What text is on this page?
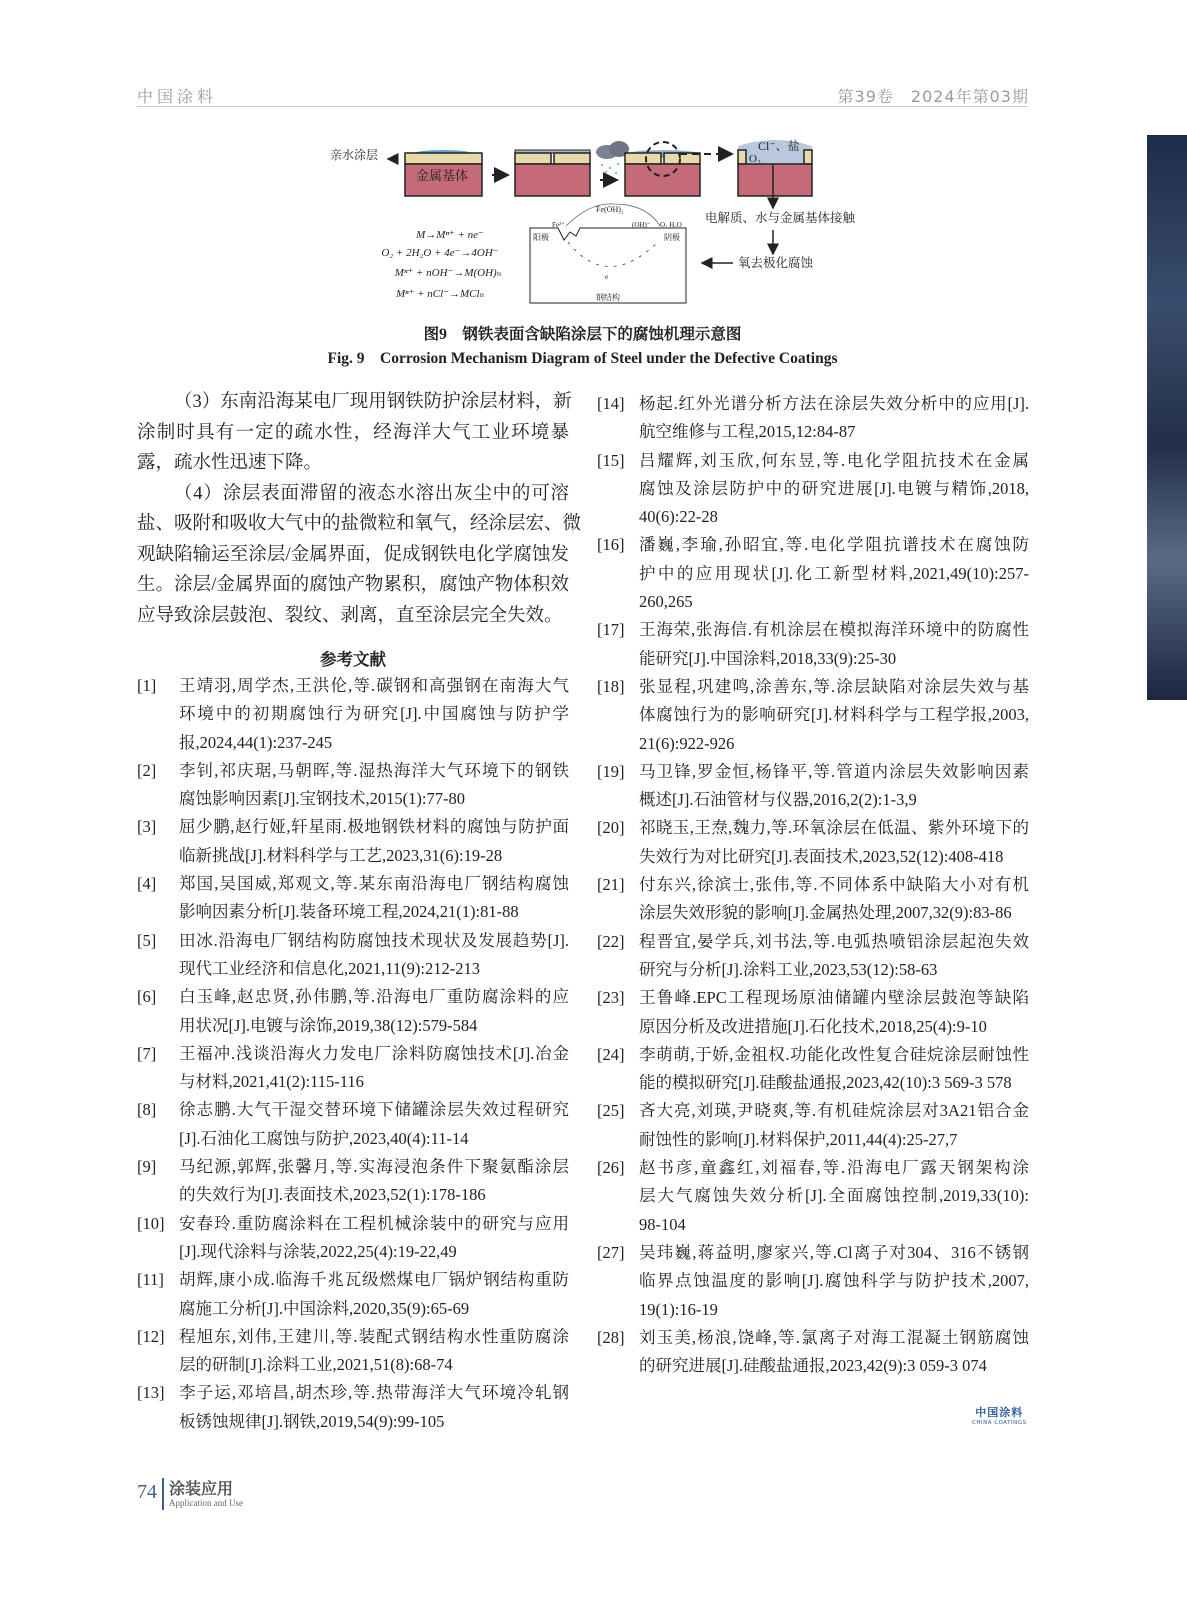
中国涂料	第39卷　2024年第03期
金属基体
亲水涂层
Cl⁻、盐
O₂
电解质、水与金属基体接触
氧去极化腐蚀
阳极	阴极
钢结构
Fe(OH)₂
Fe²⁺	(OH)⁻ O₂ H₂O
e
M→Mⁿ⁺ + ne⁻
O₂ + 2H₂O + 4e⁻→4OH⁻
Mⁿ⁺ + nOH⁻→M(OH)ₙ
Mⁿ⁺ + nCl⁻→MClₙ
图9　钢铁表面含缺陷涂层下的腐蚀机理示意图
Fig. 9　Corrosion Mechanism Diagram of Steel under the Defective Coatings
（3）东南沿海某电厂现用钢铁防护涂层材料，新
涂制时具有一定的疏水性，经海洋大气工业环境暴
露，疏水性迅速下降。
（4）涂层表面滞留的液态水溶出灰尘中的可溶
盐、吸附和吸收大气中的盐微粒和氧气，经涂层宏、微
观缺陷输运至涂层/金属界面，促成钢铁电化学腐蚀发
生。涂层/金属界面的腐蚀产物累积，腐蚀产物体积效
应导致涂层鼓泡、裂纹、剥离，直至涂层完全失效。
参考文献
[1]	王靖羽,周学杰,王洪伦,等.碳钢和高强钢在南海大气
环境中的初期腐蚀行为研究[J].中国腐蚀与防护学
报,2024,44(1):237-245
[2]	李钊,祁庆琚,马朝晖,等.湿热海洋大气环境下的钢铁
腐蚀影响因素[J].宝钢技术,2015(1):77-80
[3]	屈少鹏,赵行娅,轩星雨.极地钢铁材料的腐蚀与防护面
临新挑战[J].材料科学与工艺,2023,31(6):19-28
[4]	郑国,吴国威,郑观文,等.某东南沿海电厂钢结构腐蚀
影响因素分析[J].装备环境工程,2024,21(1):81-88
[5]	田冰.沿海电厂钢结构防腐蚀技术现状及发展趋势[J].
现代工业经济和信息化,2021,11(9):212-213
[6]	白玉峰,赵忠贤,孙伟鹏,等.沿海电厂重防腐涂料的应
用状况[J].电镀与涂饰,2019,38(12):579-584
[7]	王福冲.浅谈沿海火力发电厂涂料防腐蚀技术[J].冶金
与材料,2021,41(2):115-116
[8]	徐志鹏.大气干湿交替环境下储罐涂层失效过程研究
[J].石油化工腐蚀与防护,2023,40(4):11-14
[9]	马纪源,郭辉,张馨月,等.实海浸泡条件下聚氨酯涂层
的失效行为[J].表面技术,2023,52(1):178-186
[10] 安春玲.重防腐涂料在工程机械涂装中的研究与应用
[J].现代涂料与涂装,2022,25(4):19-22,49
[11] 胡辉,康小成.临海千兆瓦级燃煤电厂锅炉钢结构重防
腐施工分析[J].中国涂料,2020,35(9):65-69
[12] 程旭东,刘伟,王建川,等.装配式钢结构水性重防腐涂
层的研制[J].涂料工业,2021,51(8):68-74
[13] 李子运,邓培昌,胡杰珍,等.热带海洋大气环境冷轧钢
板锈蚀规律[J].钢铁,2019,54(9):99-105
[14] 杨起.红外光谱分析方法在涂层失效分析中的应用[J].
航空维修与工程,2015,12:84-87
[15] 吕耀辉,刘玉欣,何东昱,等.电化学阻抗技术在金属
腐蚀及涂层防护中的研究进展[J].电镀与精饰,2018,
40(6):22-28
[16] 潘巍,李瑜,孙昭宜,等.电化学阻抗谱技术在腐蚀防
护中的应用现状[J].化工新型材料,2021,49(10):257-
260,265
[17] 王海荣,张海信.有机涂层在模拟海洋环境中的防腐性
能研究[J].中国涂料,2018,33(9):25-30
[18] 张显程,巩建鸣,涂善东,等.涂层缺陷对涂层失效与基
体腐蚀行为的影响研究[J].材料科学与工程学报,2003,
21(6):922-926
[19] 马卫锋,罗金恒,杨锋平,等.管道内涂层失效影响因素
概述[J].石油管材与仪器,2016,2(2):1-3,9
[20] 祁晓玉,王焘,魏力,等.环氧涂层在低温、紫外环境下的
失效行为对比研究[J].表面技术,2023,52(12):408-418
[21] 付东兴,徐滨士,张伟,等.不同体系中缺陷大小对有机
涂层失效形貌的影响[J].金属热处理,2007,32(9):83-86
[22] 程晋宜,晏学兵,刘书法,等.电弧热喷铝涂层起泡失效
研究与分析[J].涂料工业,2023,53(12):58-63
[23] 王鲁峰.EPC工程现场原油储罐内壁涂层鼓泡等缺陷
原因分析及改进措施[J].石化技术,2018,25(4):9-10
[24] 李萌萌,于娇,金祖权.功能化改性复合硅烷涂层耐蚀性
能的模拟研究[J].硅酸盐通报,2023,42(10):3 569-3 578
[25] 吝大亮,刘瑛,尹晓爽,等.有机硅烷涂层对3A21铝合金
耐蚀性的影响[J].材料保护,2011,44(4):25-27,7
[26] 赵书彦,童鑫红,刘福春,等.沿海电厂露天钢架构涂
层大气腐蚀失效分析[J].全面腐蚀控制,2019,33(10):
98-104
[27] 吴玮巍,蒋益明,廖家兴,等.Cl离子对304、316不锈钢
临界点蚀温度的影响[J].腐蚀科学与防护技术,2007,
19(1):16-19
[28] 刘玉美,杨浪,饶峰,等.氯离子对海工混凝土钢筋腐蚀
的研究进展[J].硅酸盐通报,2023,42(9):3 059-3 074
中国涂料
CHINA COATINGS
74 涂装应用
Application and Use
